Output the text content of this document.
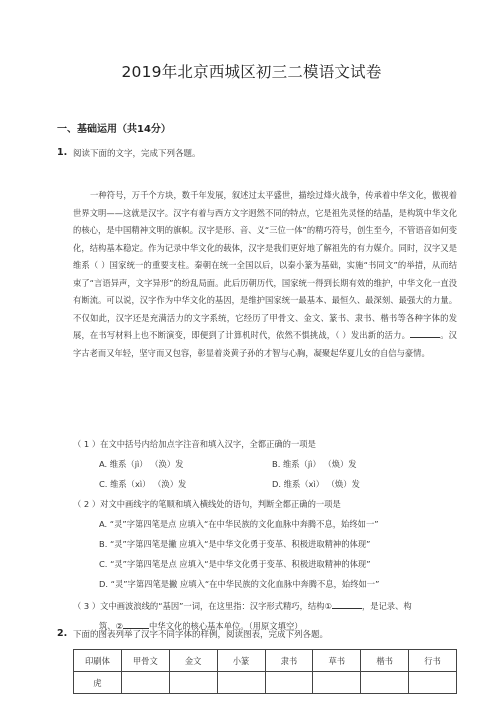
2019年北京西城区初三二模语文试卷
一、基础运用（共14分）
1. 阅读下面的文字，完成下列各题。

一种符号，万千个方块，数千年发展，叙述过太平盛世，描绘过烽火战争，传承着中华文化，傲视着世界文明——这就是汉字。汉字有着与西方文字迥然不同的特点，它是祖先灵怪的结晶，是构筑中华文化的核心，是中国精神文明的旗帜。汉字是形、音、义“三位一体”的精巧符号，创生至今，不管语音如何变化，结构基本稳定。作为记录中华文化的载体，汉字是我们更好地了解祖先的有力媒介。同时，汉字又是维系（ ）国家统一的重要支柱。秦朝在统一全国以后，以秦小篆为基础，实施“书同文”的举措，从而结束了“言语异声，文字异形”的纷乱局面。此后历朝历代，国家统一得到长期有效的维护，中华文化一直没有断流。可以说，汉字作为中华文化的基因，是维护国家统一最基本、最恒久、最深刻、最强大的力量。不仅如此，汉字还是充满活力的文字系统，它经历了甲骨文、金文、篆书、隶书、楷书等各种字体的发展，在书写材料上也不断演变，即便到了计算机时代，依然不惧挑战，（ ）发出新的活力。	。汉字古老而又年轻，坚守而又包容，彰显着炎黄子孙的才智与心胸，凝聚起华夏儿女的自信与豪情。

（ 1 ）在文中括号内给加点字注音和填入汉字，全都正确的一项是
A. 维系（jì） （涣）发	B. 维系（jì） （焕）发
C. 维系（xì） （涣）发	D. 维系（xì） （焕）发
（ 2 ）对文中画线字的笔顺和填入横线处的语句，判断全都正确的一项是
A. “灵”字第四笔是点 应填入“在中华民族的文化血脉中奔腾不息，始终如一”
B. “灵”字第四笔是撇 应填入“是中华文化勇于变革、积极进取精神的体现”
C. “灵”字第四笔是点 应填入“是中华文化勇于变革、积极进取精神的体现”
D. “灵”字第四笔是撇 应填入“在中华民族的文化血脉中奔腾不息，始终如一”
（ 3 ）文中画波浪线的“基因”一词，在这里指：汉字形式精巧，结构①	，是记录、构
筑、②	中华文化的核心基本单位。（用原文填空）
2. 下面的图表列举了汉字不同字体的样例，阅读图表，完成下列各题。
印刷体	甲骨文	金文	小篆	隶书	草书	楷书	行书
虎							
